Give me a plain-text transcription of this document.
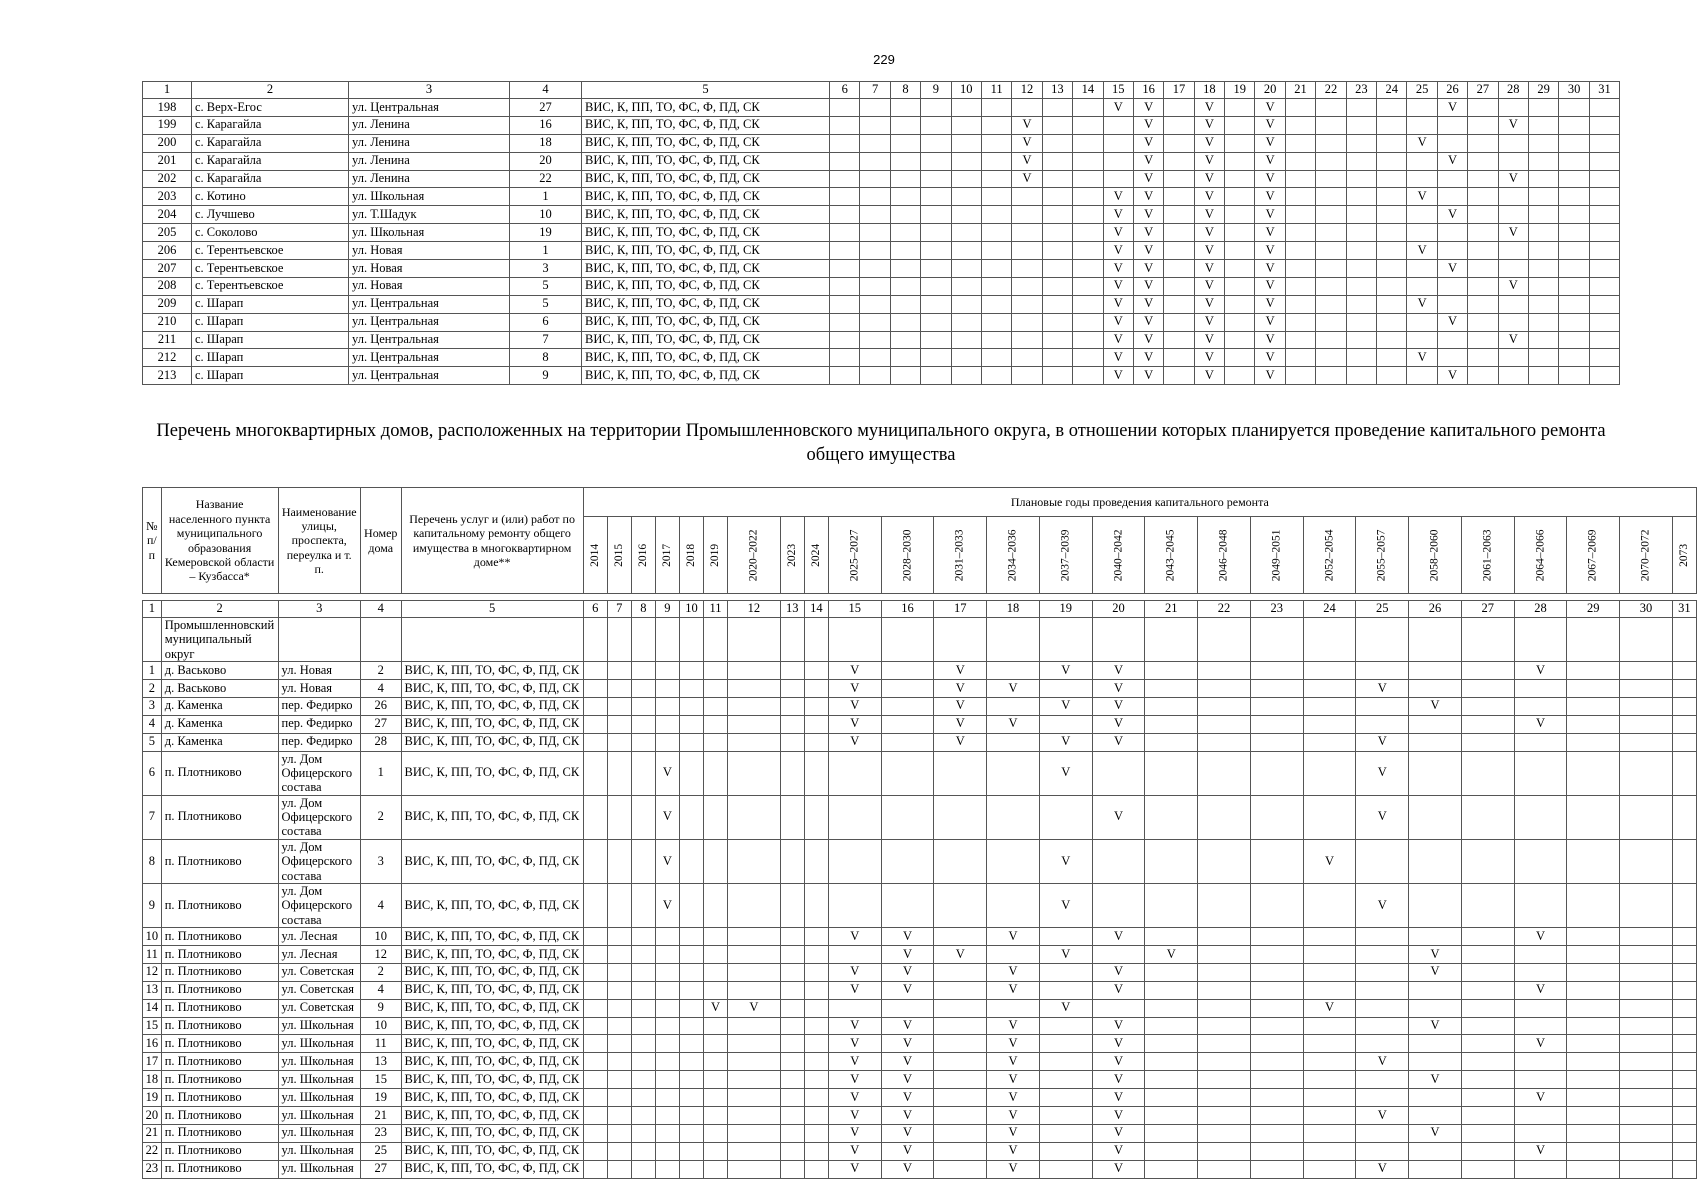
229
1	2	3	4	5	6	7	8	9	10	11	12	13	14	15	16	17	18	19	20	21	22	23	24	25	26	27	28	29	30	31
198	с. Верх-Егос	ул. Центральная	27	ВИС, К, ПП, ТО, ФС, Ф, ПД, СК										V	V		V		V						V					
199	с. Карагайла	ул. Ленина	16	ВИС, К, ПП, ТО, ФС, Ф, ПД, СК							V				V		V		V								V			
200	с. Карагайла	ул. Ленина	18	ВИС, К, ПП, ТО, ФС, Ф, ПД, СК							V				V		V		V					V						
201	с. Карагайла	ул. Ленина	20	ВИС, К, ПП, ТО, ФС, Ф, ПД, СК							V				V		V		V						V					
202	с. Карагайла	ул. Ленина	22	ВИС, К, ПП, ТО, ФС, Ф, ПД, СК							V				V		V		V								V			
203	с. Котино	ул. Школьная	1	ВИС, К, ПП, ТО, ФС, Ф, ПД, СК										V	V		V		V					V						
204	с. Лучшево	ул. Т.Шадук	10	ВИС, К, ПП, ТО, ФС, Ф, ПД, СК										V	V		V		V						V					
205	с. Соколово	ул. Школьная	19	ВИС, К, ПП, ТО, ФС, Ф, ПД, СК										V	V		V		V								V			
206	с. Терентьевское	ул. Новая	1	ВИС, К, ПП, ТО, ФС, Ф, ПД, СК										V	V		V		V					V						
207	с. Терентьевское	ул. Новая	3	ВИС, К, ПП, ТО, ФС, Ф, ПД, СК										V	V		V		V						V					
208	с. Терентьевское	ул. Новая	5	ВИС, К, ПП, ТО, ФС, Ф, ПД, СК										V	V		V		V								V			
209	с. Шарап	ул. Центральная	5	ВИС, К, ПП, ТО, ФС, Ф, ПД, СК										V	V		V		V					V						
210	с. Шарап	ул. Центральная	6	ВИС, К, ПП, ТО, ФС, Ф, ПД, СК										V	V		V		V						V					
211	с. Шарап	ул. Центральная	7	ВИС, К, ПП, ТО, ФС, Ф, ПД, СК										V	V		V		V								V			
212	с. Шарап	ул. Центральная	8	ВИС, К, ПП, ТО, ФС, Ф, ПД, СК										V	V		V		V					V						
213	с. Шарап	ул. Центральная	9	ВИС, К, ПП, ТО, ФС, Ф, ПД, СК										V	V		V		V						V					
Перечень многоквартирных домов, расположенных на территории Промышленновского муниципального округа, в отношении которых планируется проведение капитального ремонта общего имущества
№ п/п	Название населенного пункта муниципального образования Кемеровской области – Кузбасса*	Наименование улицы, проспекта, переулка и т. п.	Номер дома	Перечень услуг и (или) работ по капитальному ремонту общего имущества в многоквартирном доме**	Плановые годы проведения капитального ремонта																									
					2014	2015	2016	2017	2018	2019	2020–2022	2023	2024	2025–2027	2028–2030	2031–2033	2034–2036	2037–2039	2040–2042	2043–2045	2046–2048	2049–2051	2052–2054	2055–2057	2058–2060	2061–2063	2064–2066	2067–2069	2070–2072	2073

1	2	3	4	5	6	7	8	9	10	11	12	13	14	15	16	17	18	19	20	21	22	23	24	25	26	27	28	29	30	31
	Промышленновский муниципальный округ																													
1	д. Васьково	ул. Новая	2	ВИС, К, ПП, ТО, ФС, Ф, ПД, СК										V		V		V	V								V			
2	д. Васьково	ул. Новая	4	ВИС, К, ПП, ТО, ФС, Ф, ПД, СК										V		V	V		V					V						
3	д. Каменка	пер. Федирко	26	ВИС, К, ПП, ТО, ФС, Ф, ПД, СК										V		V		V	V						V					
4	д. Каменка	пер. Федирко	27	ВИС, К, ПП, ТО, ФС, Ф, ПД, СК										V		V	V		V								V			
5	д. Каменка	пер. Федирко	28	ВИС, К, ПП, ТО, ФС, Ф, ПД, СК										V		V		V	V					V						
6	п. Плотниково	ул. Дом Офицерского состава	1	ВИС, К, ПП, ТО, ФС, Ф, ПД, СК				V										V						V						
7	п. Плотниково	ул. Дом Офицерского состава	2	ВИС, К, ПП, ТО, ФС, Ф, ПД, СК				V											V					V						
8	п. Плотниково	ул. Дом Офицерского состава	3	ВИС, К, ПП, ТО, ФС, Ф, ПД, СК				V										V					V							
9	п. Плотниково	ул. Дом Офицерского состава	4	ВИС, К, ПП, ТО, ФС, Ф, ПД, СК				V										V						V						
10	п. Плотниково	ул. Лесная	10	ВИС, К, ПП, ТО, ФС, Ф, ПД, СК										V	V		V		V								V			
11	п. Плотниково	ул. Лесная	12	ВИС, К, ПП, ТО, ФС, Ф, ПД, СК											V	V		V		V					V					
12	п. Плотниково	ул. Советская	2	ВИС, К, ПП, ТО, ФС, Ф, ПД, СК										V	V		V		V						V					
13	п. Плотниково	ул. Советская	4	ВИС, К, ПП, ТО, ФС, Ф, ПД, СК										V	V		V		V								V			
14	п. Плотниково	ул. Советская	9	ВИС, К, ПП, ТО, ФС, Ф, ПД, СК						V	V							V					V							
15	п. Плотниково	ул. Школьная	10	ВИС, К, ПП, ТО, ФС, Ф, ПД, СК										V	V		V		V						V					
16	п. Плотниково	ул. Школьная	11	ВИС, К, ПП, ТО, ФС, Ф, ПД, СК										V	V		V		V								V			
17	п. Плотниково	ул. Школьная	13	ВИС, К, ПП, ТО, ФС, Ф, ПД, СК										V	V		V		V					V						
18	п. Плотниково	ул. Школьная	15	ВИС, К, ПП, ТО, ФС, Ф, ПД, СК										V	V		V		V						V					
19	п. Плотниково	ул. Школьная	19	ВИС, К, ПП, ТО, ФС, Ф, ПД, СК										V	V		V		V								V			
20	п. Плотниково	ул. Школьная	21	ВИС, К, ПП, ТО, ФС, Ф, ПД, СК										V	V		V		V					V						
21	п. Плотниково	ул. Школьная	23	ВИС, К, ПП, ТО, ФС, Ф, ПД, СК										V	V		V		V						V					
22	п. Плотниково	ул. Школьная	25	ВИС, К, ПП, ТО, ФС, Ф, ПД, СК										V	V		V		V								V			
23	п. Плотниково	ул. Школьная	27	ВИС, К, ПП, ТО, ФС, Ф, ПД, СК										V	V		V		V					V						
